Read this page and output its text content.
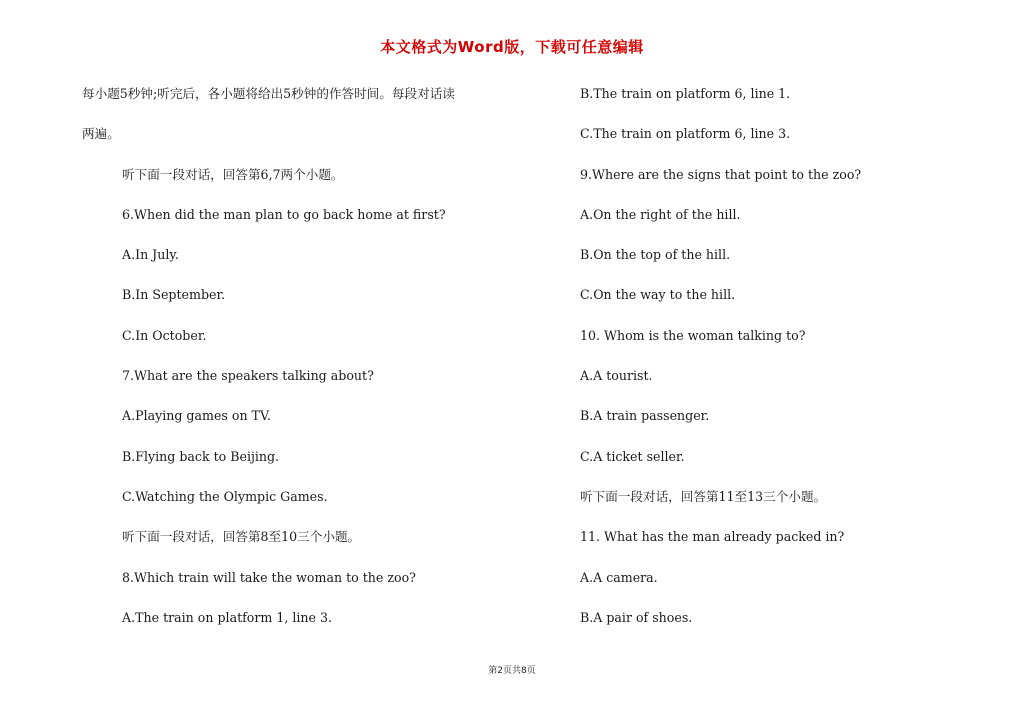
本文格式为Word版，下载可任意编辑
每小题5秒钟;听完后，各小题将给出5秒钟的作答时间。每段对话读
两遍。
听下面一段对话，回答第6,7两个小题。
6.When did the man plan to go back home at first?
A.In July.
B.In September.
C.In October.
7.What are the speakers talking about?
A.Playing games on TV.
B.Flying back to Beijing.
C.Watching the Olympic Games.
听下面一段对话，回答第8至10三个小题。
8.Which train will take the woman to the zoo?
A.The train on platform 1, line 3.
B.The train on platform 6, line 1.
C.The train on platform 6, line 3.
9.Where are the signs that point to the zoo?
A.On the right of the hill.
B.On the top of the hill.
C.On the way to the hill.
10. Whom is the woman talking to?
A.A tourist.
B.A train passenger.
C.A ticket seller.
听下面一段对话，回答第11至13三个小题。
11. What has the man already packed in?
A.A camera.
B.A pair of shoes.
第2页共8页
